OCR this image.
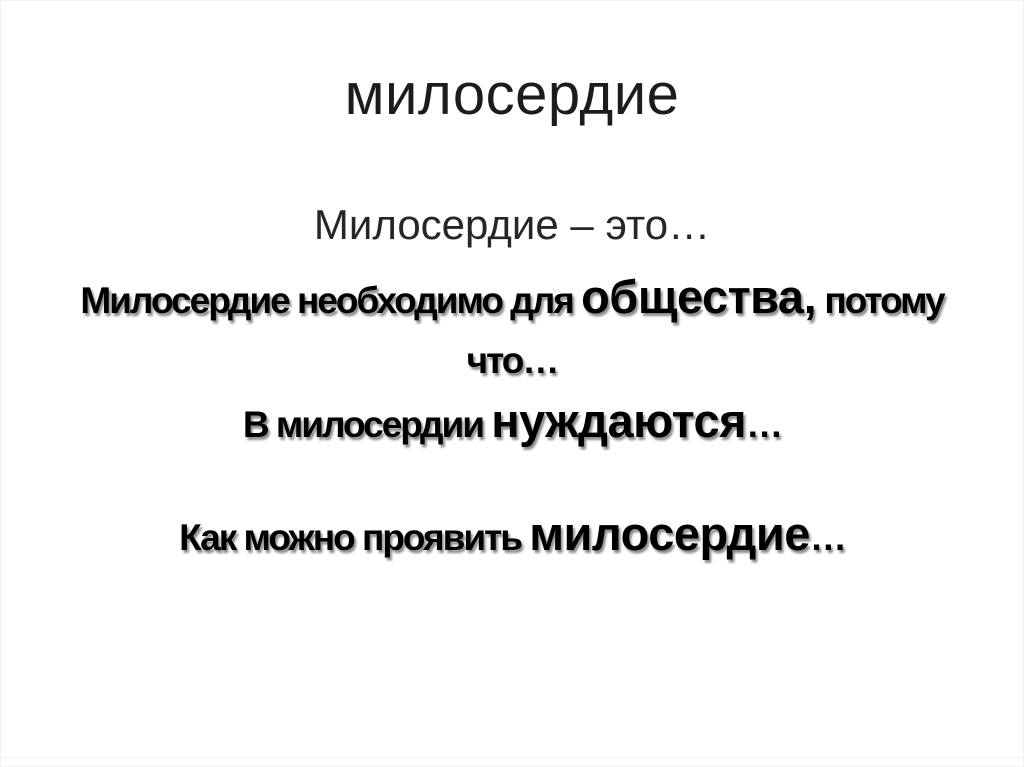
милосердие
Милосердие – это…
Милосердие необходимо для общества, потому
что…
В милосердии нуждаются…
Как можно проявить милосердие…
